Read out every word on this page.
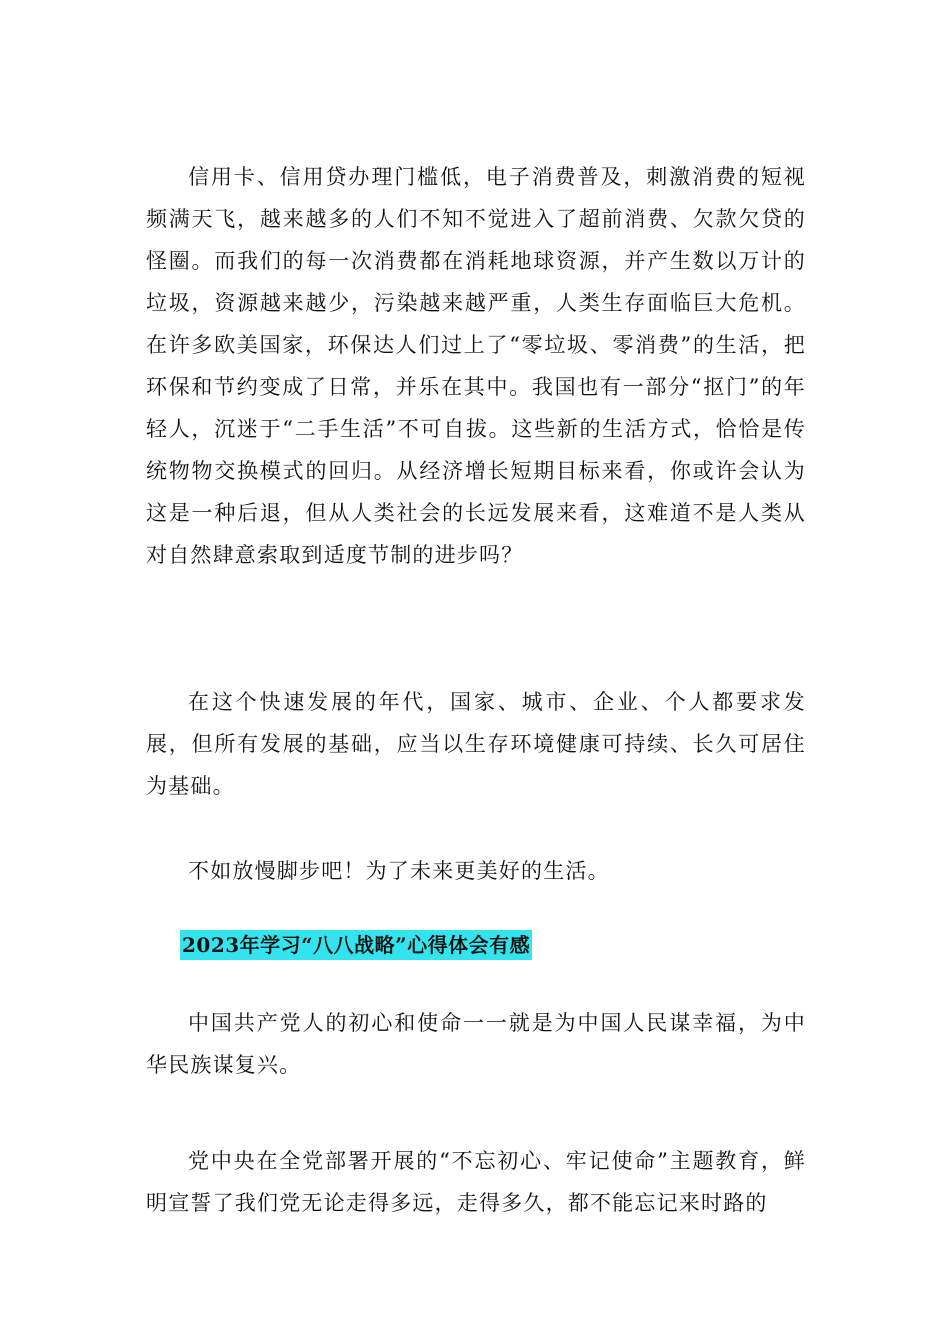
信用卡、信用贷办理门槛低，电子消费普及，刺激消费的短视频满天飞，越来越多的人们不知不觉进入了超前消费、欠款欠贷的怪圈。而我们的每一次消费都在消耗地球资源，并产生数以万计的垃圾，资源越来越少，污染越来越严重，人类生存面临巨大危机。在许多欧美国家，环保达人们过上了“零垃圾、零消费”的生活，把环保和节约变成了日常，并乐在其中。我国也有一部分“抠门”的年轻人，沉迷于“二手生活”不可自拔。这些新的生活方式，恰恰是传统物物交换模式的回归。从经济增长短期目标来看，你或许会认为这是一种后退，但从人类社会的长远发展来看，这难道不是人类从对自然肆意索取到适度节制的进步吗？

在这个快速发展的年代，国家、城市、企业、个人都要求发展，但所有发展的基础，应当以生存环境健康可持续、长久可居住为基础。

不如放慢脚步吧！为了未来更美好的生活。

2023年学习“八八战略”心得体会有感

中国共产党人的初心和使命一一就是为中国人民谋幸福，为中华民族谋复兴。

党中央在全党部署开展的“不忘初心、牢记使命”主题教育，鲜明宣誓了我们党无论走得多远，走得多久，都不能忘记来时路的
